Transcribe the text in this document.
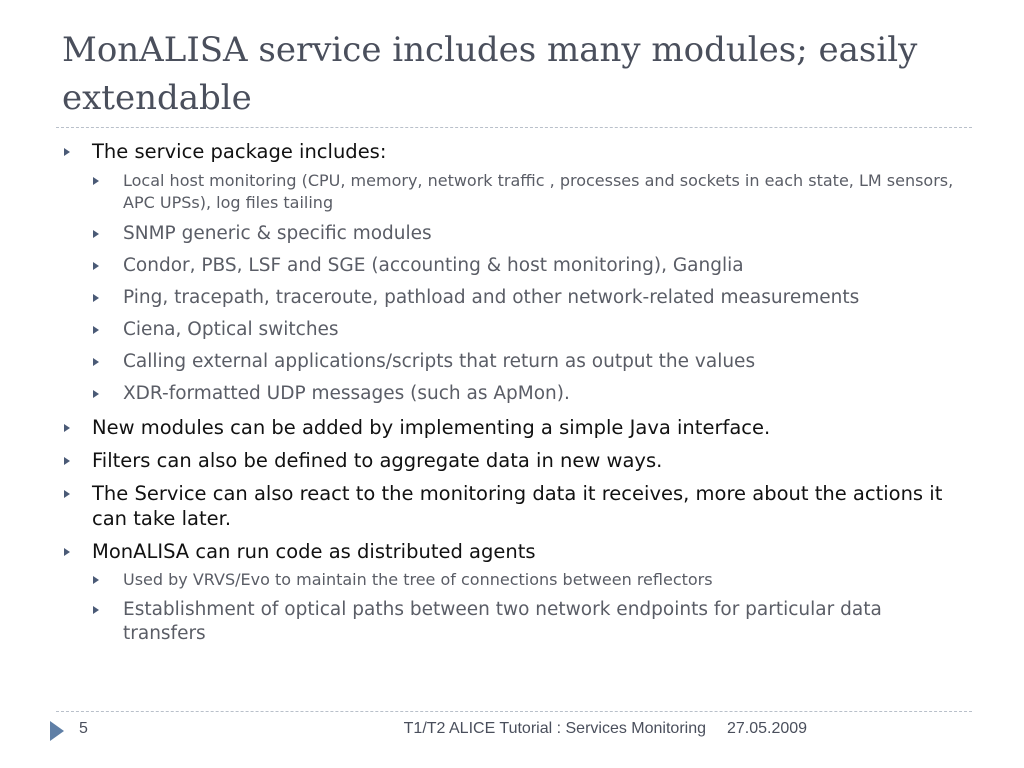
MonALISA service includes many modules; easily extendable
The service package includes:
Local host monitoring (CPU, memory, network traffic , processes and sockets in each state, LM sensors, APC UPSs), log files tailing
SNMP generic & specific modules
Condor, PBS, LSF and SGE (accounting & host monitoring), Ganglia
Ping, tracepath, traceroute, pathload and other network-related measurements
Ciena, Optical switches
Calling external applications/scripts that return as output the values
XDR-formatted UDP messages (such as ApMon).
New modules can be added by implementing a simple Java interface.
Filters can also be defined to aggregate data in new ways.
The Service can also react to the monitoring data it receives, more about the actions it can take later.
MonALISA can run code as distributed agents
Used by VRVS/Evo to maintain the tree of connections between reflectors
Establishment of optical paths between two network endpoints for particular data transfers
5	T1/T2 ALICE Tutorial : Services Monitoring 27.05.2009
